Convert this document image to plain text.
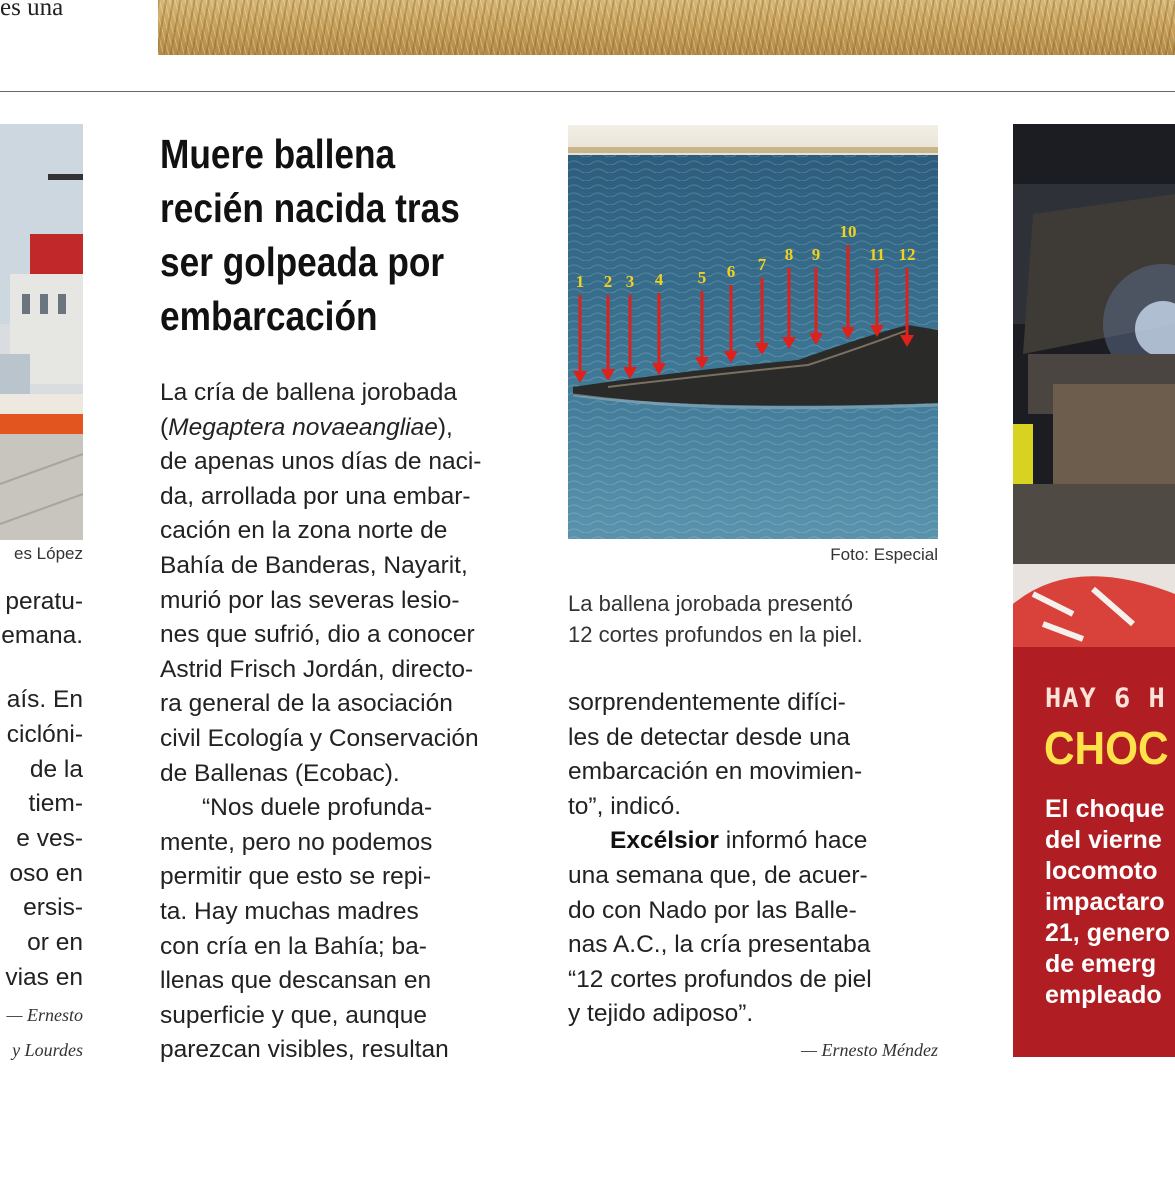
es una
es López
peratu-
emana.
aís. En
ciclóni-
de la
tiem-
e ves-
oso en
ersis-
or en
vias en
— Ernesto
y Lourdes
Muere ballena
recién nacida tras
ser golpeada por
embarcación
La cría de ballena jorobada
(Megaptera novaeangliae),
de apenas unos días de naci-
da, arrollada por una embar-
cación en la zona norte de
Bahía de Banderas, Nayarit,
murió por las severas lesio-
nes que sufrió, dio a conocer
Astrid Frisch Jordán, directo-
ra general de la asociación
civil Ecología y Conservación
de Ballenas (Ecobac).
“Nos duele profunda-
mente, pero no podemos
permitir que esto se repi-
ta. Hay muchas madres
con cría en la Bahía; ba-
llenas que descansan en
superficie y que, aunque
parezcan visibles, resultan
1 2 3 4 5 6 7
8 9
10
11 12
Foto: Especial
La ballena jorobada presentó
12 cortes profundos en la piel.
sorprendentemente difíci-
les de detectar desde una
embarcación en movimien-
to”, indicó.
Excélsior informó hace
una semana que, de acuer-
do con Nado por las Balle-
nas A.C., la cría presentaba
“12 cortes profundos de piel
y tejido adiposo”.
— Ernesto Méndez
HAY 6 H
CHOC
El choque
del vierne
locomoto
impactaro
21, genero
de emerg
empleado
